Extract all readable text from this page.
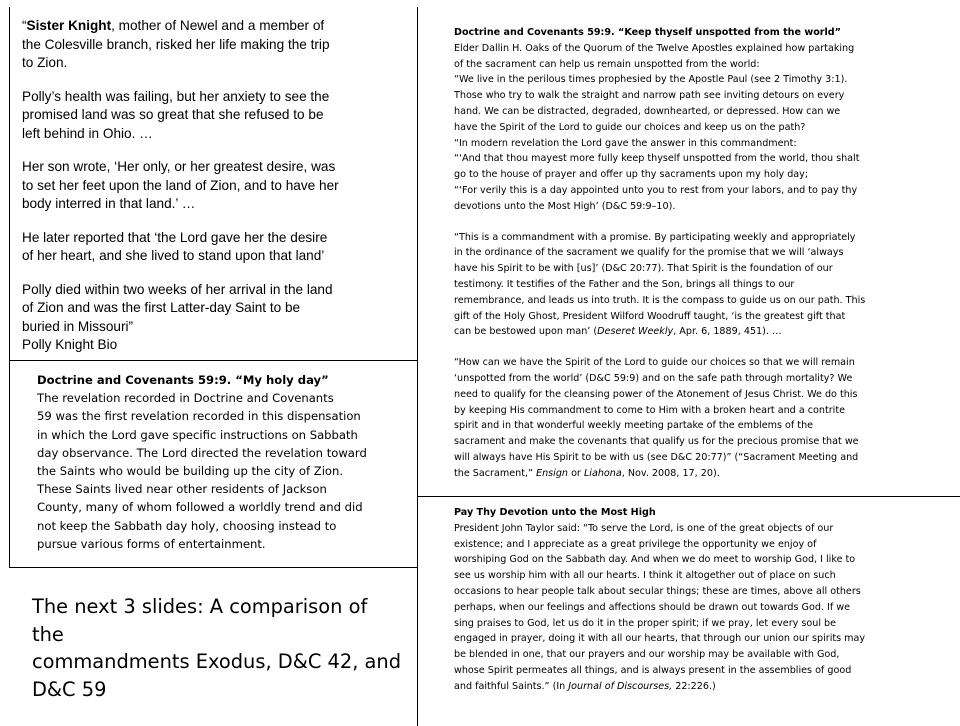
“Sister Knight, mother of Newel and a member of
the Colesville branch, risked her life making the trip
to Zion.

Polly’s health was failing, but her anxiety to see the
promised land was so great that she refused to be
left behind in Ohio. …

Her son wrote, ‘Her only, or her greatest desire, was
to set her feet upon the land of Zion, and to have her
body interred in that land.’ …

He later reported that ‘the Lord gave her the desire
of her heart, and she lived to stand upon that land’

Polly died within two weeks of her arrival in the land
of Zion and was the first Latter-day Saint to be
buried in Missouri”

Polly Knight Bio

Doctrine and Covenants 59:9. “My holy day”

The revelation recorded in Doctrine and Covenants
59 was the first revelation recorded in this dispensation
in which the Lord gave specific instructions on Sabbath
day observance. The Lord directed the revelation toward
the Saints who would be building up the city of Zion.
These Saints lived near other residents of Jackson
County, many of whom followed a worldly trend and did
not keep the Sabbath day holy, choosing instead to
pursue various forms of entertainment.

Doctrine and Covenants 59:9. “Keep thyself unspotted from the world”

Elder Dallin H. Oaks of the Quorum of the Twelve Apostles explained how partaking
of the sacrament can help us remain unspotted from the world:
“We live in the perilous times prophesied by the Apostle Paul (see 2 Timothy 3:1).
Those who try to walk the straight and narrow path see inviting detours on every
hand. We can be distracted, degraded, downhearted, or depressed. How can we
have the Spirit of the Lord to guide our choices and keep us on the path?
“In modern revelation the Lord gave the answer in this commandment:
“‘And that thou mayest more fully keep thyself unspotted from the world, thou shalt
go to the house of prayer and offer up thy sacraments upon my holy day;
“‘For verily this is a day appointed unto you to rest from your labors, and to pay thy
devotions unto the Most High’ (D&C 59:9–10).

“This is a commandment with a promise. By participating weekly and appropriately
in the ordinance of the sacrament we qualify for the promise that we will ‘always
have his Spirit to be with [us]’ (D&C 20:77). That Spirit is the foundation of our
testimony. It testifies of the Father and the Son, brings all things to our
remembrance, and leads us into truth. It is the compass to guide us on our path. This
gift of the Holy Ghost, President Wilford Woodruff taught, ‘is the greatest gift that
can be bestowed upon man’ (Deseret Weekly, Apr. 6, 1889, 451). …

“How can we have the Spirit of the Lord to guide our choices so that we will remain
‘unspotted from the world’ (D&C 59:9) and on the safe path through mortality? We
need to qualify for the cleansing power of the Atonement of Jesus Christ. We do this
by keeping His commandment to come to Him with a broken heart and a contrite
spirit and in that wonderful weekly meeting partake of the emblems of the
sacrament and make the covenants that qualify us for the precious promise that we
will always have His Spirit to be with us (see D&C 20:77)” (“Sacrament Meeting and
the Sacrament,” Ensign or Liahona, Nov. 2008, 17, 20).

Pay Thy Devotion unto the Most High

President John Taylor said: “To serve the Lord, is one of the great objects of our
existence; and I appreciate as a great privilege the opportunity we enjoy of
worshiping God on the Sabbath day. And when we do meet to worship God, I like to
see us worship him with all our hearts. I think it altogether out of place on such
occasions to hear people talk about secular things; these are times, above all others
perhaps, when our feelings and affections should be drawn out towards God. If we
sing praises to God, let us do it in the proper spirit; if we pray, let every soul be
engaged in prayer, doing it with all our hearts, that through our union our spirits may
be blended in one, that our prayers and our worship may be available with God,
whose Spirit permeates all things, and is always present in the assemblies of good
and faithful Saints.” (In Journal of Discourses, 22:226.)

The next 3 slides: A comparison of the
commandments Exodus, D&C 42, and
D&C 59
